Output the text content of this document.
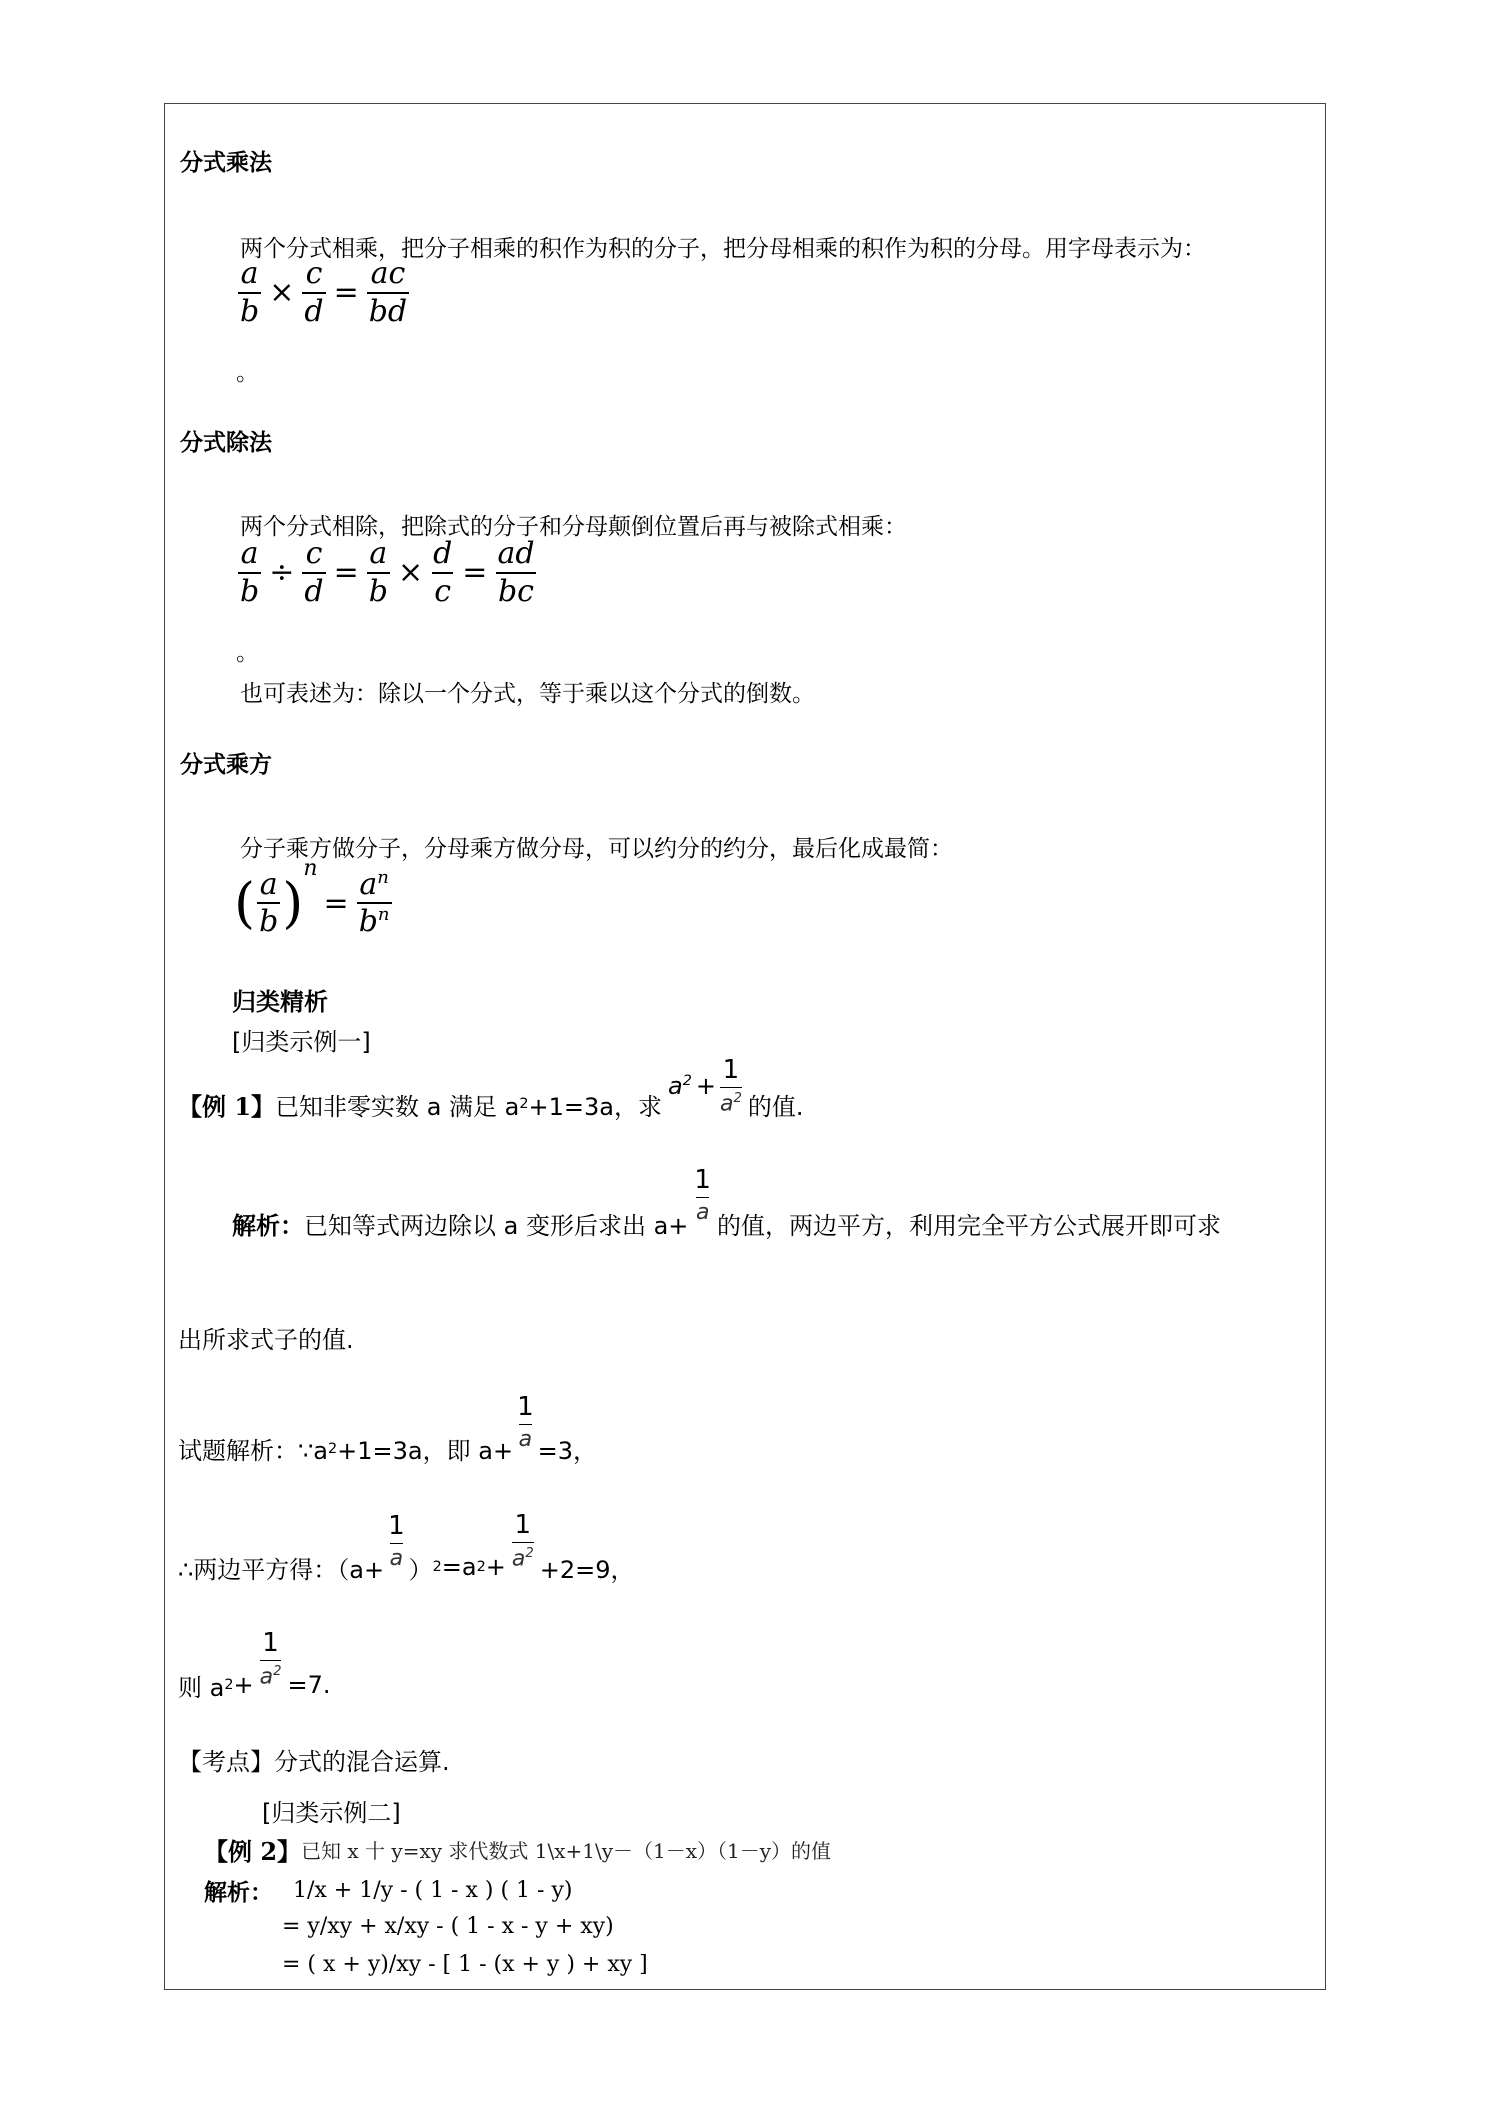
分式乘法
两个分式相乘，把分子相乘的积作为积的分子，把分母相乘的积作为积的分母。用字母表示为：
$\frac{a}{b} \times \frac{c}{d} = \frac{ac}{bd}$
。
分式除法
两个分式相除，把除式的分子和分母颠倒位置后再与被除式相乘：
$\frac{a}{b} \div \frac{c}{d} = \frac{a}{b} \times \frac{d}{c} = \frac{ad}{bc}$
。
也可表述为：除以一个分式，等于乘以这个分式的倒数。
分式乘方
分子乘方做分子，分母乘方做分母，可以约分的约分，最后化成最简：
( $\frac{a}{b} )^n= \frac{a^n}{b^n}$
归类精析
[归类示例一]
【例 1】 已知非零实数 a 满足 a 2 +1=3a，求
$a^2 + \frac{1}{a^2}$ 的值.
解析： 已知等式两边除以 a 变形后求出 a+
$\frac{1}{a}$
的值，两边平方，利用完全平方公式展开即可求
出所求式子的值.
试题解析：∵a 2 +1=3a，即 $a+ \frac{1}{a} =3$，
∴两边平方得：（$a+ \frac{1}{a}$ ） 2 =a $2 + \frac{1}{a^2} +2=9$，
则 a $2 + \frac{1}{a^2} =7$.
【考点】分式的混合运算.
[归类示例二]
【例 2】 已知 x 十 y=xy 求代数式 1\x+1\y－（1－x）（1－y）的值
解析： 1/x + 1/y - ( 1 - x ) ( 1 - y)
= y/xy + x/xy - ( 1 - x - y + xy)
= ( x + y)/xy - [ 1 - (x + y ) + xy ]
